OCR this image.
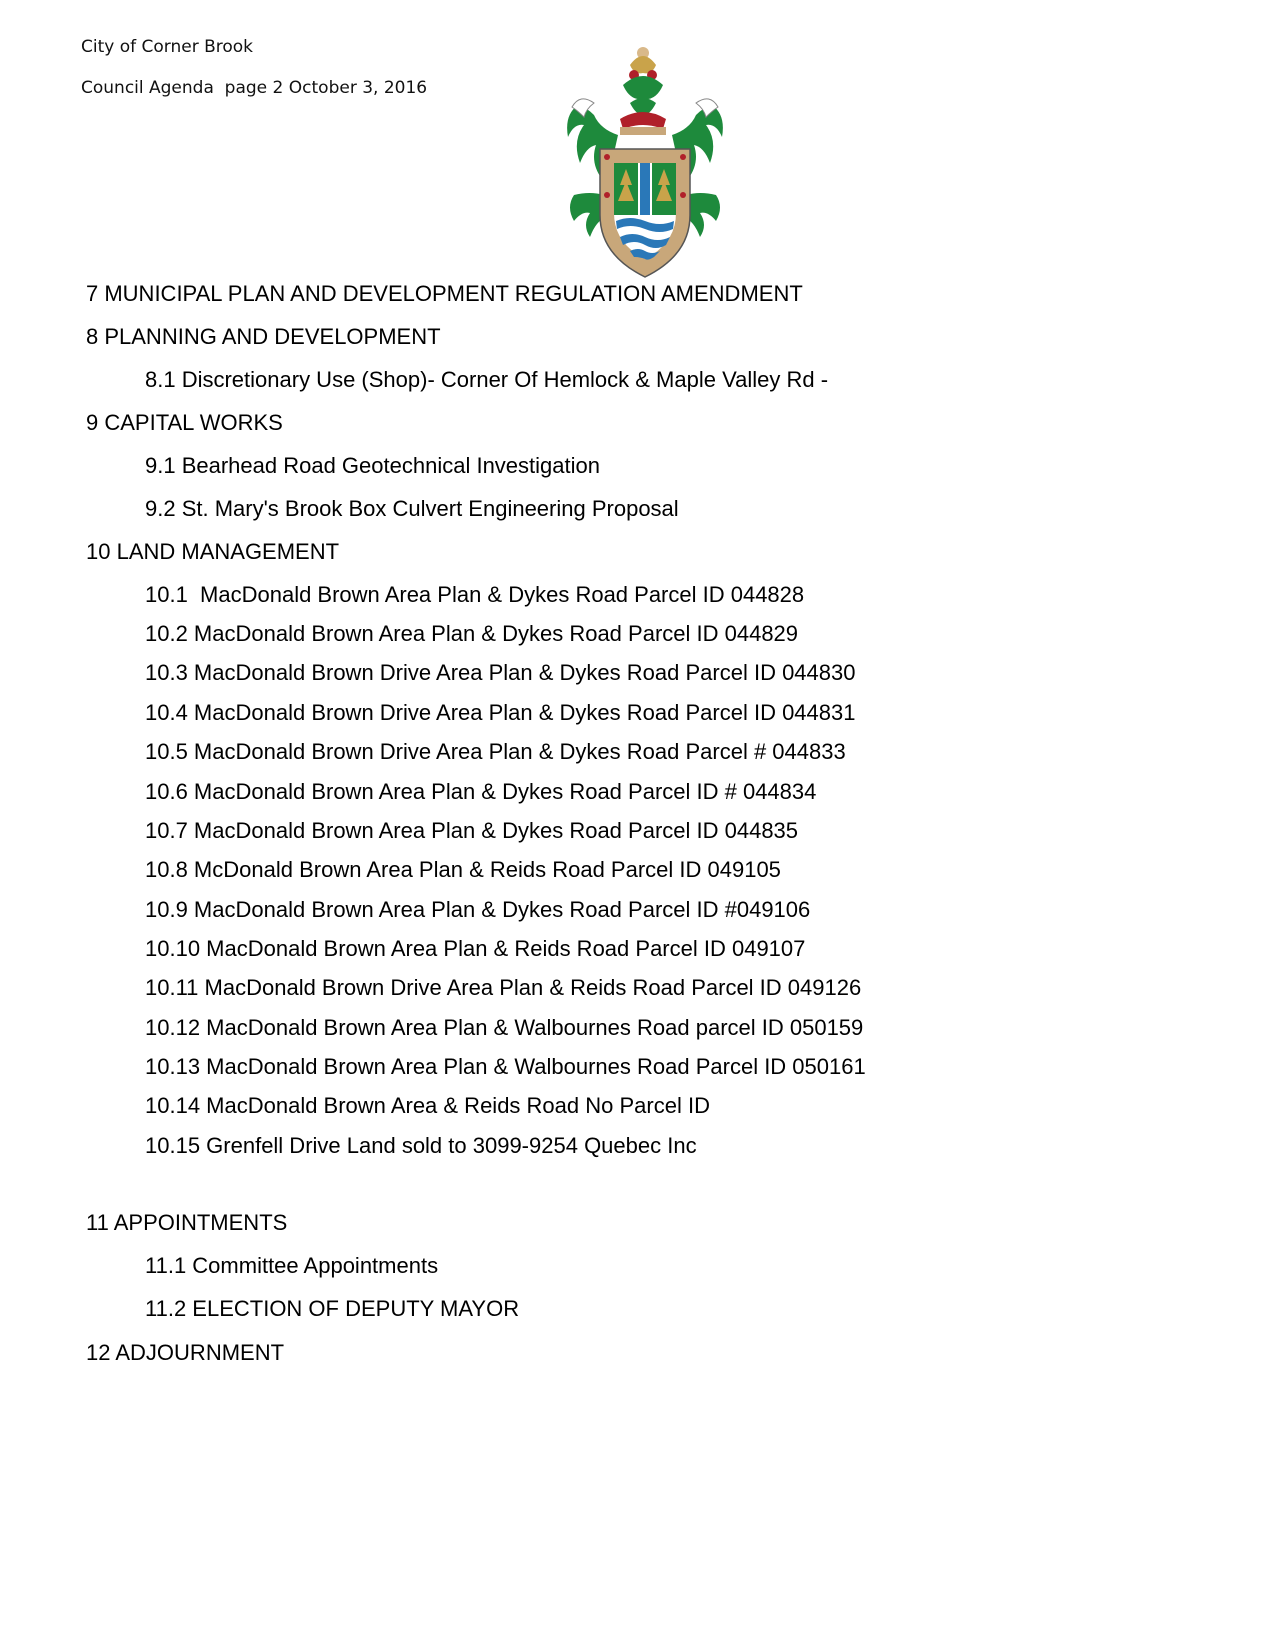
City of Corner Brook
Council Agenda  page 2 October 3, 2016
7 MUNICIPAL PLAN AND DEVELOPMENT REGULATION AMENDMENT
8 PLANNING AND DEVELOPMENT
8.1 Discretionary Use (Shop)- Corner Of Hemlock & Maple Valley Rd -
9 CAPITAL WORKS
9.1 Bearhead Road Geotechnical Investigation
9.2 St. Mary's Brook Box Culvert Engineering Proposal
10 LAND MANAGEMENT
10.1  MacDonald Brown Area Plan & Dykes Road Parcel ID 044828
10.2 MacDonald Brown Area Plan & Dykes Road Parcel ID 044829
10.3 MacDonald Brown Drive Area Plan & Dykes Road Parcel ID 044830
10.4 MacDonald Brown Drive Area Plan & Dykes Road Parcel ID 044831
10.5 MacDonald Brown Drive Area Plan & Dykes Road Parcel # 044833
10.6 MacDonald Brown Area Plan & Dykes Road Parcel ID # 044834
10.7 MacDonald Brown Area Plan & Dykes Road Parcel ID 044835
10.8 McDonald Brown Area Plan & Reids Road Parcel ID 049105
10.9 MacDonald Brown Area Plan & Dykes Road Parcel ID #049106
10.10 MacDonald Brown Area Plan & Reids Road Parcel ID 049107
10.11 MacDonald Brown Drive Area Plan & Reids Road Parcel ID 049126
10.12 MacDonald Brown Area Plan & Walbournes Road parcel ID 050159
10.13 MacDonald Brown Area Plan & Walbournes Road Parcel ID 050161
10.14 MacDonald Brown Area & Reids Road No Parcel ID
10.15 Grenfell Drive Land sold to 3099-9254 Quebec Inc
11 APPOINTMENTS
11.1 Committee Appointments
11.2 ELECTION OF DEPUTY MAYOR
12 ADJOURNMENT
